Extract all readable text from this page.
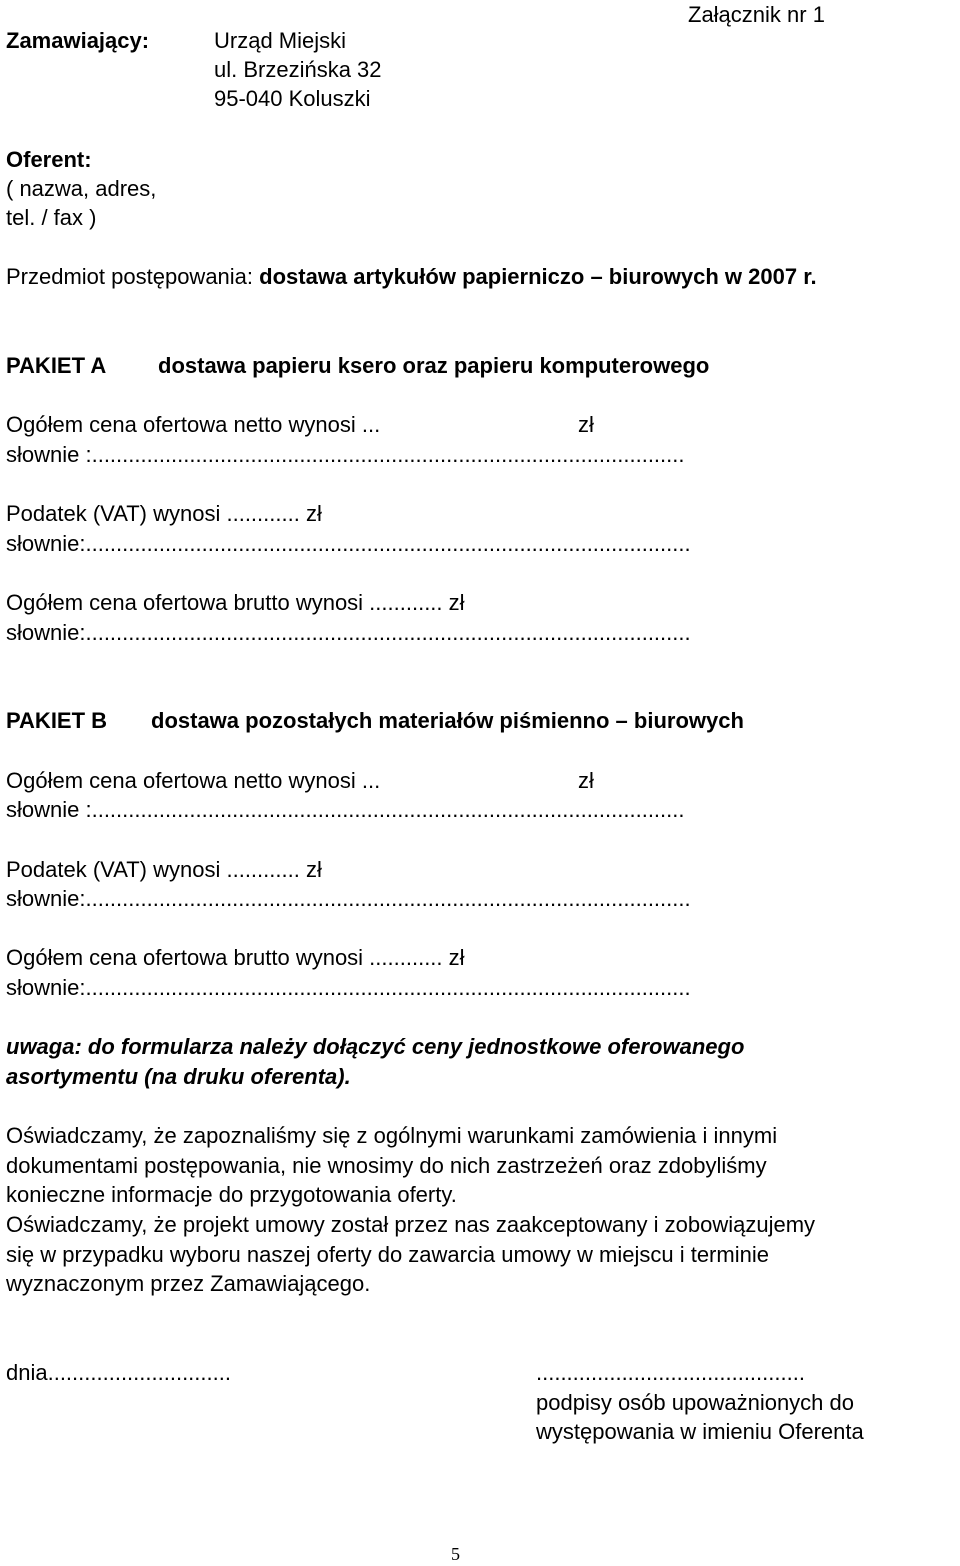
Załącznik nr 1
Zamawiający:	Urząd Miejski
ul. Brzezińska 32
95-040 Koluszki
Oferent:
( nazwa, adres,
tel. / fax )
Przedmiot postępowania: dostawa artykułów papierniczo – biurowych w 2007 r.
PAKIET A dostawa papieru ksero oraz papieru komputerowego
Ogółem cena ofertowa netto wynosi ...	zł
słownie :.................................................................................................
Podatek (VAT) wynosi ............ zł
słownie:...................................................................................................
Ogółem cena ofertowa brutto wynosi ............ zł
słownie:...................................................................................................
PAKIET B dostawa pozostałych materiałów piśmienno – biurowych
Ogółem cena ofertowa netto wynosi ...	zł
słownie :.................................................................................................
Podatek (VAT) wynosi ............ zł
słownie:...................................................................................................
Ogółem cena ofertowa brutto wynosi ............ zł
słownie:...................................................................................................
uwaga: do formularza należy dołączyć ceny jednostkowe oferowanego
asortymentu (na druku oferenta).
Oświadczamy, że zapoznaliśmy się z ogólnymi warunkami zamówienia i innymi
dokumentami postępowania, nie wnosimy do nich zastrzeżeń oraz zdobyliśmy
konieczne informacje do przygotowania oferty.
Oświadczamy, że projekt umowy został przez nas zaakceptowany i zobowiązujemy
się w przypadku wyboru naszej oferty do zawarcia umowy w miejscu i terminie
wyznaczonym przez Zamawiającego.
dnia..............................	............................................
podpisy osób upoważnionych do
występowania w imieniu Oferenta
5
